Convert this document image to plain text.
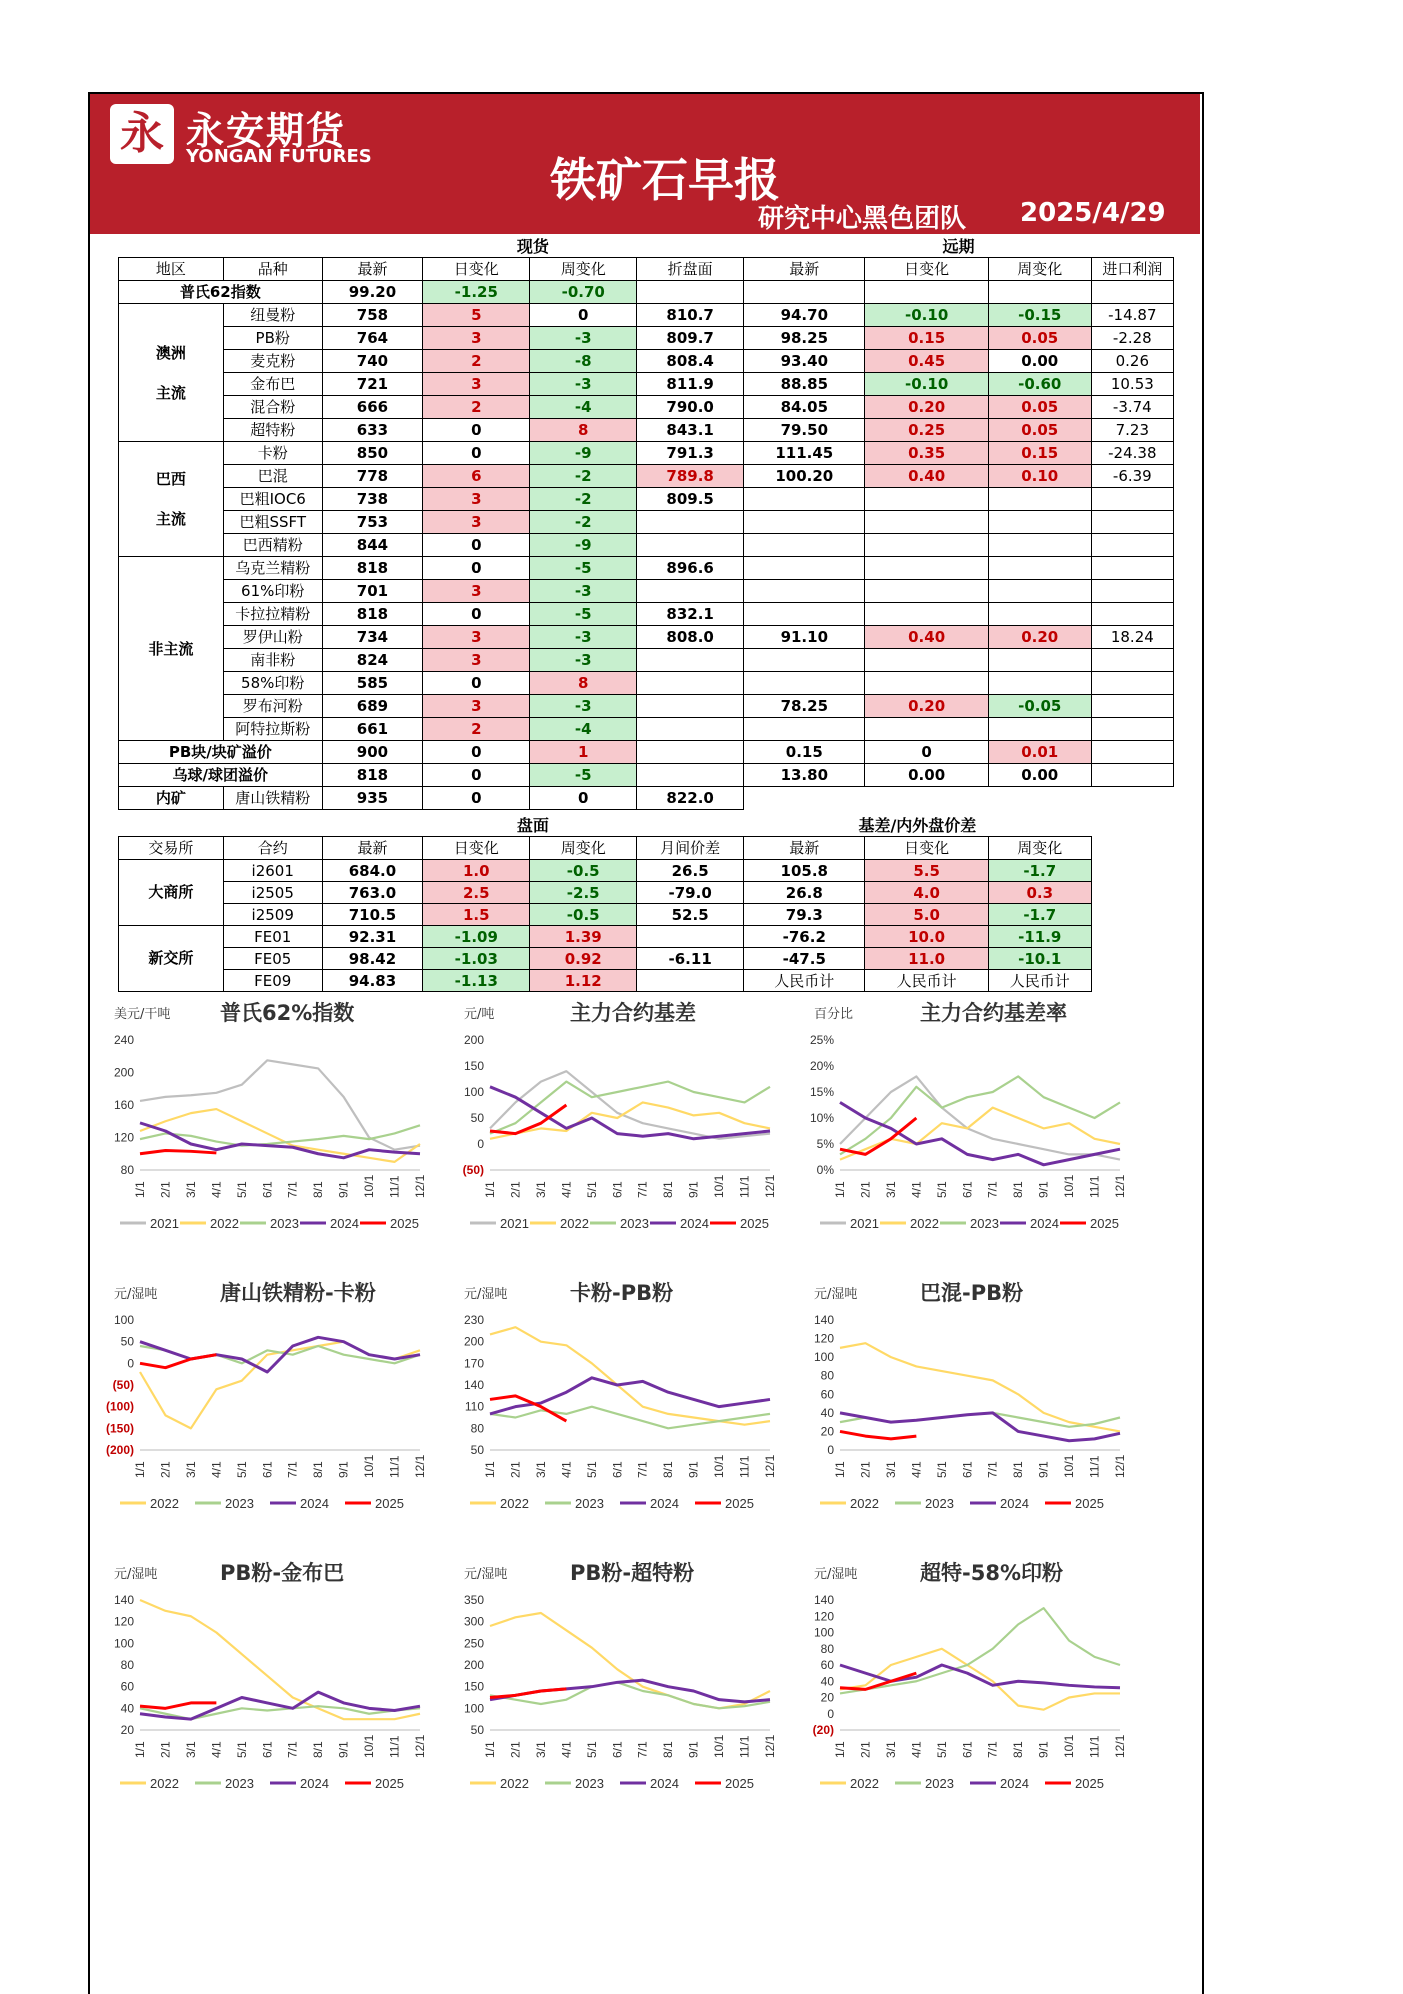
永 永安期货
YONGAN FUTURES	铁矿石早报
研究中心黑色团队 2025/4/29
		现货				远期			
地区	品种	最新	日变化	周变化	折盘面	最新	日变化	周变化	进口利润
普氏62指数		99.20	-1.25	-0.70					
澳洲

主流	纽曼粉	758	5	0	810.7	94.70	-0.10	-0.15	-14.87
	PB粉	764	3	-3	809.7	98.25	0.15	0.05	-2.28
	麦克粉	740	2	-8	808.4	93.40	0.45	0.00	0.26
	金布巴	721	3	-3	811.9	88.85	-0.10	-0.60	10.53
	混合粉	666	2	-4	790.0	84.05	0.20	0.05	-3.74
	超特粉	633	0	8	843.1	79.50	0.25	0.05	7.23
巴西

主流	卡粉	850	0	-9	791.3	111.45	0.35	0.15	-24.38
	巴混	778	6	-2	789.8	100.20	0.40	0.10	-6.39
	巴粗IOC6	738	3	-2	809.5				
	巴粗SSFT	753	3	-2					
	巴西精粉	844	0	-9					
非主流	乌克兰精粉	818	0	-5	896.6				
	61%印粉	701	3	-3					
	卡拉拉精粉	818	0	-5	832.1				
	罗伊山粉	734	3	-3	808.0	91.10	0.40	0.20	18.24
	南非粉	824	3	-3					
	58%印粉	585	0	8					
	罗布河粉	689	3	-3		78.25	0.20	-0.05	
	阿特拉斯粉	661	2	-4					
PB块/块矿溢价		900	0	1		0.15	0	0.01	
乌球/球团溢价		818	0	-5		13.80	0.00	0.00	
内矿	唐山铁精粉	935	0	0	822.0				
		盘面				基差/内外盘价差			
交易所	合约	最新	日变化	周变化	月间价差	最新	日变化	周变化	
大商所	i2601	684.0	1.0	-0.5	26.5	105.8	5.5	-1.7	
	i2505	763.0	2.5	-2.5	-79.0	26.8	4.0	0.3	
	i2509	710.5	1.5	-0.5	52.5	79.3	5.0	-1.7	
新交所	FE01	92.31	-1.09	1.39		-76.2	10.0	-11.9	
	FE05	98.42	-1.03	0.92	-6.11	-47.5	11.0	-10.1	
	FE09	94.83	-1.13	1.12		人民币计	人民币计	人民币计	
美元/干吨 普氏62%指数
240
200
160
120
80
1/1 2/1 3/1 4/1 5/1 6/1 7/1 8/1 9/1 10/1 11/1 12/1
2021 2022 2023 2024 2025
元/吨	主力合约基差
200
150
100
50
0
(50)
1/1 2/1 3/1 4/1 5/1 6/1 7/1 8/1 9/1 10/1 11/1 12/1
2021 2022 2023 2024 2025
百分比	主力合约基差率
25%
20%
15%
10%
5%
0%
1/1 2/1 3/1 4/1 5/1 6/1 7/1 8/1 9/1 10/1 11/1 12/1
2021 2022 2023 2024 2025
元/湿吨	唐山铁精粉-卡粉
100
50
0
(50)
(100)
(150)
(200)
1/1 2/1 3/1 4/1 5/1 6/1 7/1 8/1 9/1 10/1 11/1 12/1
2022	2023	2024	2025
元/湿吨	卡粉-PB粉
230
200
170
140
110
80
50
1/1 2/1 3/1 4/1 5/1 6/1 7/1 8/1 9/1 10/1 11/1 12/1
2022	2023	2024	2025
元/湿吨	巴混-PB粉
140
120
100
80
60
40
20
0
1/1 2/1 3/1 4/1 5/1 6/1 7/1 8/1 9/1 10/1 11/1 12/1
2022	2023	2024	2025
元/湿吨	PB粉-金布巴
140
120
100
80
60
40
20
1/1 2/1 3/1 4/1 5/1 6/1 7/1 8/1 9/1 10/1 11/1 12/1
2022	2023	2024	2025
元/湿吨	PB粉-超特粉
350
300
250
200
150
100
50
1/1 2/1 3/1 4/1 5/1 6/1 7/1 8/1 9/1 10/1 11/1 12/1
2022	2023	2024	2025
元/湿吨	超特-58%印粉
140
120
100
80
60
40
20
0
(20)
1/1 2/1 3/1 4/1 5/1 6/1 7/1 8/1 9/1 10/1 11/1 12/1
2022	2023	2024	2025
